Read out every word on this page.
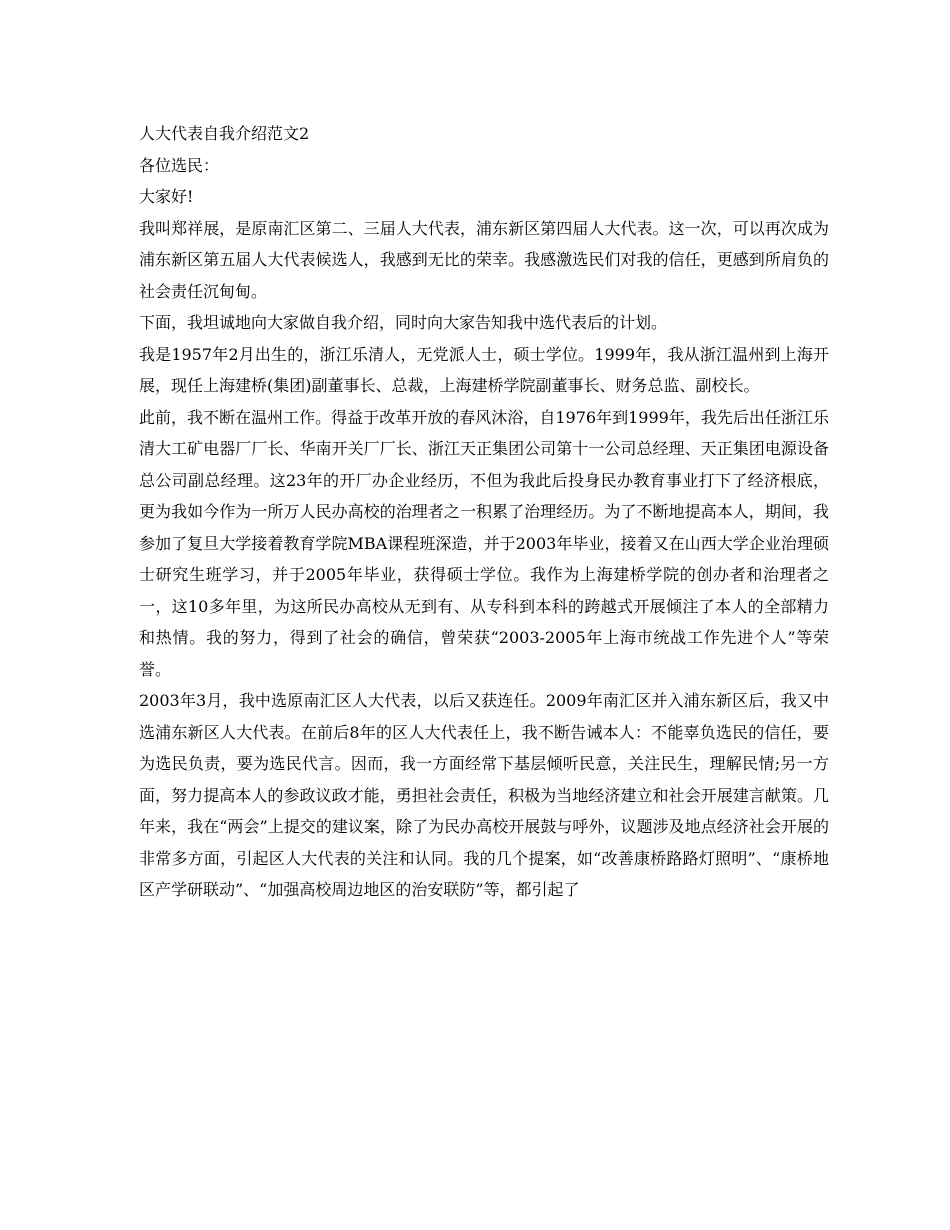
人大代表自我介绍范文2

各位选民：

大家好!

我叫郑祥展，是原南汇区第二、三届人大代表，浦东新区第四届人大代表。这一次，可以再次成为浦东新区第五届人大代表候选人，我感到无比的荣幸。我感激选民们对我的信任，更感到所肩负的社会责任沉甸甸。

下面，我坦诚地向大家做自我介绍，同时向大家告知我中选代表后的计划。

我是1957年2月出生的，浙江乐清人，无党派人士，硕士学位。1999年，我从浙江温州到上海开展，现任上海建桥(集团)副董事长、总裁，上海建桥学院副董事长、财务总监、副校长。

此前，我不断在温州工作。得益于改革开放的春风沐浴，自1976年到1999年，我先后出任浙江乐清大工矿电器厂厂长、华南开关厂厂长、浙江天正集团公司第十一公司总经理、天正集团电源设备总公司副总经理。这23年的开厂办企业经历，不但为我此后投身民办教育事业打下了经济根底，更为我如今作为一所万人民办高校的治理者之一积累了治理经历。为了不断地提高本人，期间，我参加了复旦大学接着教育学院MBA课程班深造，并于2003年毕业，接着又在山西大学企业治理硕士研究生班学习，并于2005年毕业，获得硕士学位。我作为上海建桥学院的创办者和治理者之一，这10多年里，为这所民办高校从无到有、从专科到本科的跨越式开展倾注了本人的全部精力和热情。我的努力，得到了社会的确信，曾荣获“2003-2005年上海市统战工作先进个人”等荣誉。

2003年3月，我中选原南汇区人大代表，以后又获连任。2009年南汇区并入浦东新区后，我又中选浦东新区人大代表。在前后8年的区人大代表任上，我不断告诫本人：不能辜负选民的信任，要为选民负责，要为选民代言。因而，我一方面经常下基层倾听民意，关注民生，理解民情;另一方面，努力提高本人的参政议政才能，勇担社会责任，积极为当地经济建立和社会开展建言献策。几年来，我在“两会”上提交的建议案，除了为民办高校开展鼓与呼外，议题涉及地点经济社会开展的非常多方面，引起区人大代表的关注和认同。我的几个提案，如“改善康桥路路灯照明”、“康桥地区产学研联动”、“加强高校周边地区的治安联防”等，都引起了
